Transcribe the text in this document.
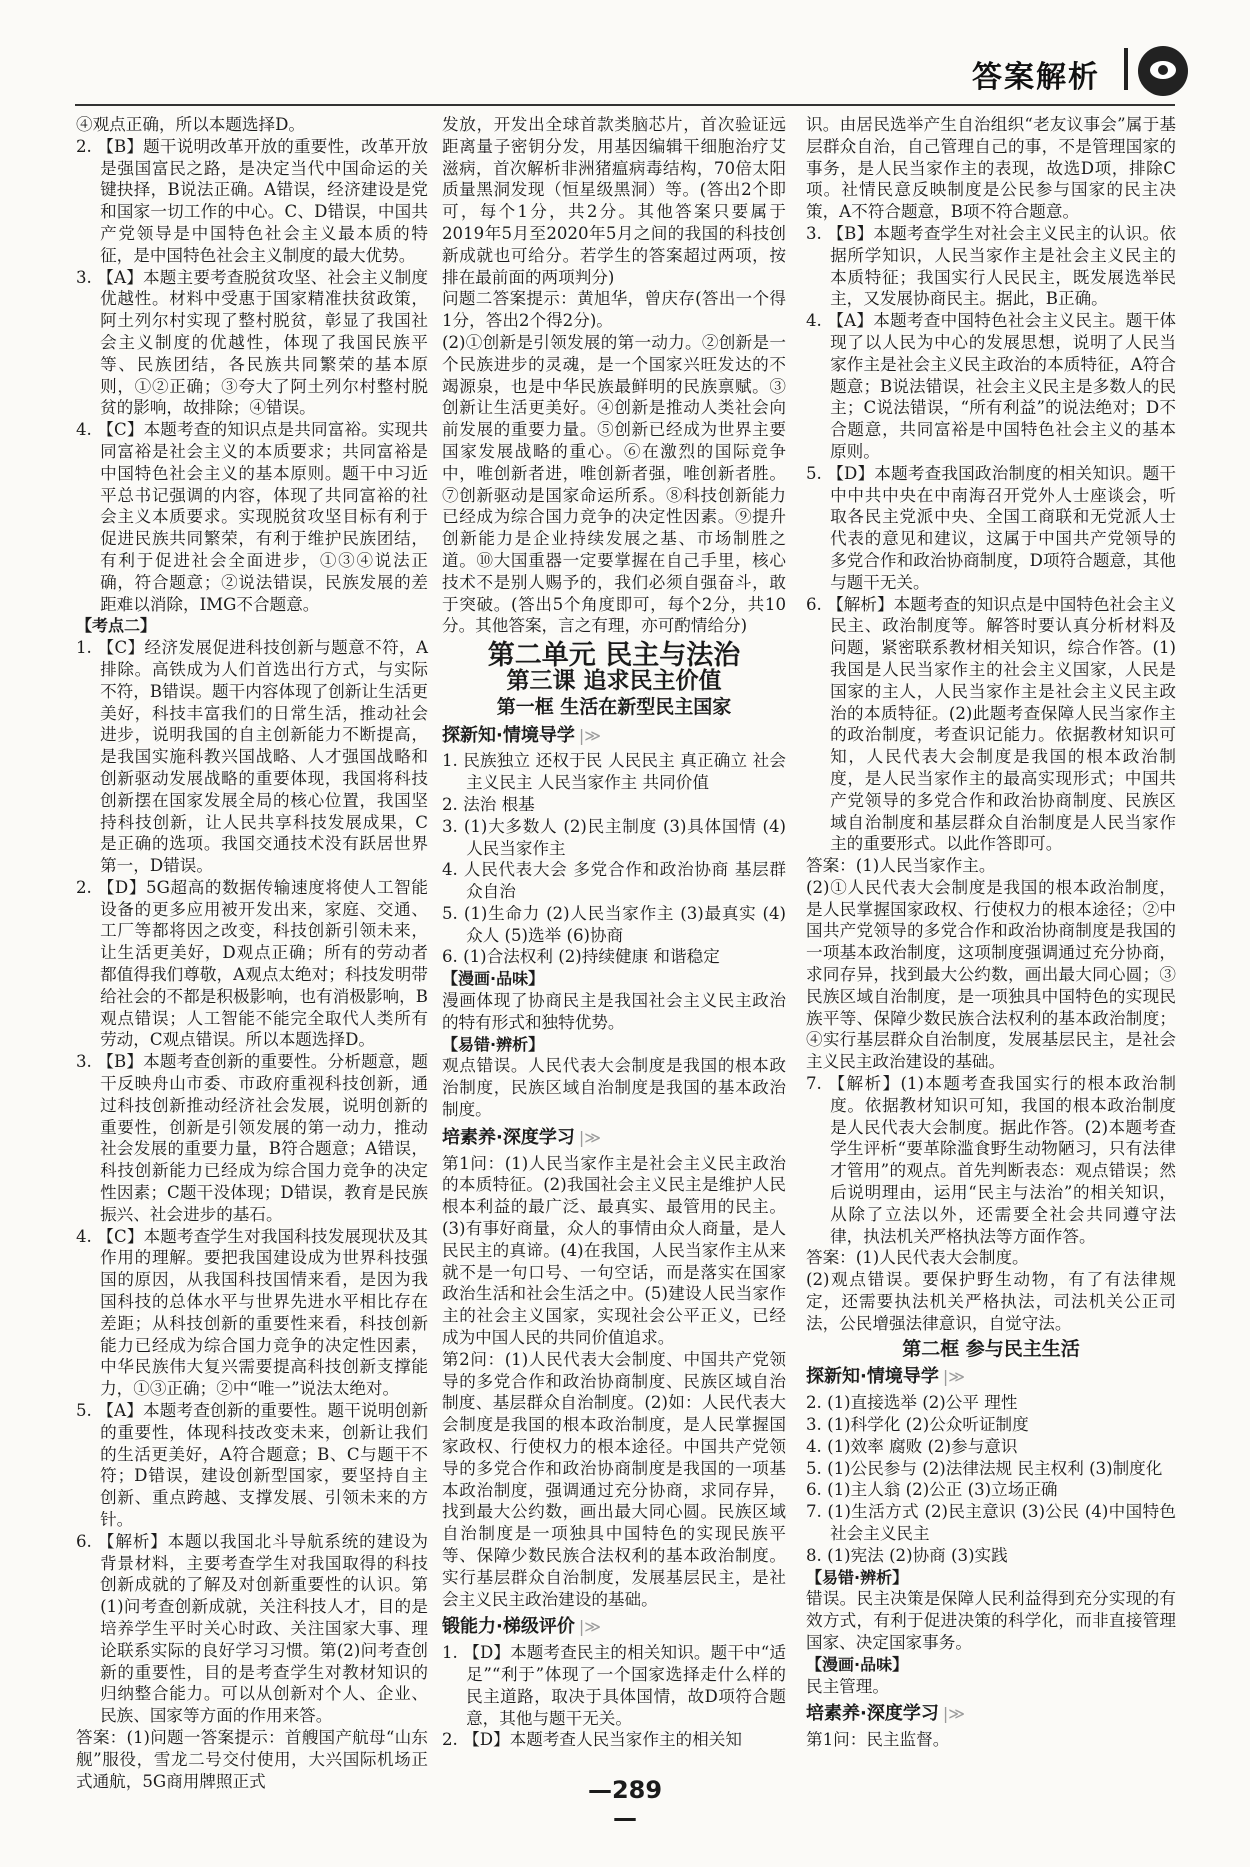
答案解析

④观点正确，所以本题选择D。

2. 【B】题干说明改革开放的重要性，改革开放是强国富民之路，是决定当代中国命运的关键抉择，B说法正确。A错误，经济建设是党和国家一切工作的中心。C、D错误，中国共产党领导是中国特色社会主义最本质的特征，是中国特色社会主义制度的最大优势。

3. 【A】本题主要考查脱贫攻坚、社会主义制度优越性。材料中受惠于国家精准扶贫政策，阿土列尔村实现了整村脱贫，彰显了我国社会主义制度的优越性，体现了我国民族平等、民族团结，各民族共同繁荣的基本原则，①②正确；③夸大了阿土列尔村整村脱贫的影响，故排除；④错误。

4. 【C】本题考查的知识点是共同富裕。实现共同富裕是社会主义的本质要求；共同富裕是中国特色社会主义的基本原则。题干中习近平总书记强调的内容，体现了共同富裕的社会主义本质要求。实现脱贫攻坚目标有利于促进民族共同繁荣，有利于维护民族团结，有利于促进社会全面进步，①③④说法正确，符合题意；②说法错误，民族发展的差距难以消除，IMG不合题意。

【考点二】

1. 【C】经济发展促进科技创新与题意不符，A排除。高铁成为人们首选出行方式，与实际不符，B错误。题干内容体现了创新让生活更美好，科技丰富我们的日常生活，推动社会进步，说明我国的自主创新能力不断提高，是我国实施科教兴国战略、人才强国战略和创新驱动发展战略的重要体现，我国将科技创新摆在国家发展全局的核心位置，我国坚持科技创新，让人民共享科技发展成果，C是正确的选项。我国交通技术没有跃居世界第一，D错误。

2. 【D】5G超高的数据传输速度将使人工智能设备的更多应用被开发出来，家庭、交通、工厂等都将因之改变，科技创新引领未来，让生活更美好，D观点正确；所有的劳动者都值得我们尊敬，A观点太绝对；科技发明带给社会的不都是积极影响，也有消极影响，B观点错误；人工智能不能完全取代人类所有劳动，C观点错误。所以本题选择D。

3. 【B】本题考查创新的重要性。分析题意，题干反映舟山市委、市政府重视科技创新，通过科技创新推动经济社会发展，说明创新的重要性，创新是引领发展的第一动力，推动社会发展的重要力量，B符合题意；A错误，科技创新能力已经成为综合国力竞争的决定性因素；C题干没体现；D错误，教育是民族振兴、社会进步的基石。

4. 【C】本题考查学生对我国科技发展现状及其作用的理解。要把我国建设成为世界科技强国的原因，从我国科技国情来看，是因为我国科技的总体水平与世界先进水平相比存在差距；从科技创新的重要性来看，科技创新能力已经成为综合国力竞争的决定性因素，中华民族伟大复兴需要提高科技创新支撑能力，①③正确；②中“唯一”说法太绝对。

5. 【A】本题考查创新的重要性。题干说明创新的重要性，体现科技改变未来，创新让我们的生活更美好，A符合题意；B、C与题干不符；D错误，建设创新型国家，要坚持自主创新、重点跨越、支撑发展、引领未来的方针。

6. 【解析】本题以我国北斗导航系统的建设为背景材料，主要考查学生对我国取得的科技创新成就的了解及对创新重要性的认识。第(1)问考查创新成就，关注科技人才，目的是培养学生平时关心时政、关注国家大事、理论联系实际的良好学习习惯。第(2)问考查创新的重要性，目的是考查学生对教材知识的归纳整合能力。可以从创新对个人、企业、民族、国家等方面的作用来答。

答案：(1)问题一答案提示：首艘国产航母“山东舰”服役，雪龙二号交付使用，大兴国际机场正式通航，5G商用牌照正式

发放，开发出全球首款类脑芯片，首次验证远距离量子密钥分发，用基因编辑干细胞治疗艾滋病，首次解析非洲猪瘟病毒结构，70倍太阳质量黑洞发现（恒星级黑洞）等。(答出2个即可，每个1分，共2分。其他答案只要属于2019年5月至2020年5月之间的我国的科技创新成就也可给分。若学生的答案超过两项，按排在最前面的两项判分)

问题二答案提示：黄旭华，曾庆存(答出一个得1分，答出2个得2分)。

(2)①创新是引领发展的第一动力。②创新是一个民族进步的灵魂，是一个国家兴旺发达的不竭源泉，也是中华民族最鲜明的民族禀赋。③创新让生活更美好。④创新是推动人类社会向前发展的重要力量。⑤创新已经成为世界主要国家发展战略的重心。⑥在激烈的国际竞争中，唯创新者进，唯创新者强，唯创新者胜。⑦创新驱动是国家命运所系。⑧科技创新能力已经成为综合国力竞争的决定性因素。⑨提升创新能力是企业持续发展之基、市场制胜之道。⑩大国重器一定要掌握在自己手里，核心技术不是别人赐予的，我们必须自强奋斗，敢于突破。(答出5个角度即可，每个2分，共10分。其他答案，言之有理，亦可酌情给分)

第二单元 民主与法治
第三课 追求民主价值
第一框 生活在新型民主国家
探新知·情境导学 |≫

1. 民族独立 还权于民 人民民主 真正确立 社会主义民主 人民当家作主 共同价值

2. 法治 根基

3. (1)大多数人 (2)民主制度 (3)具体国情 (4)人民当家作主

4. 人民代表大会 多党合作和政治协商 基层群众自治

5. (1)生命力 (2)人民当家作主 (3)最真实 (4)众人 (5)选举 (6)协商

6. (1)合法权利 (2)持续健康 和谐稳定

【漫画·品味】

漫画体现了协商民主是我国社会主义民主政治的特有形式和独特优势。

【易错·辨析】

观点错误。人民代表大会制度是我国的根本政治制度，民族区域自治制度是我国的基本政治制度。

培素养·深度学习 |≫

第1问：(1)人民当家作主是社会主义民主政治的本质特征。(2)我国社会主义民主是维护人民根本利益的最广泛、最真实、最管用的民主。(3)有事好商量，众人的事情由众人商量，是人民民主的真谛。(4)在我国，人民当家作主从来就不是一句口号、一句空话，而是落实在国家政治生活和社会生活之中。(5)建设人民当家作主的社会主义国家，实现社会公平正义，已经成为中国人民的共同价值追求。

第2问：(1)人民代表大会制度、中国共产党领导的多党合作和政治协商制度、民族区域自治制度、基层群众自治制度。(2)如：人民代表大会制度是我国的根本政治制度，是人民掌握国家政权、行使权力的根本途径。中国共产党领导的多党合作和政治协商制度是我国的一项基本政治制度，强调通过充分协商，求同存异，找到最大公约数，画出最大同心圆。民族区域自治制度是一项独具中国特色的实现民族平等、保障少数民族合法权利的基本政治制度。实行基层群众自治制度，发展基层民主，是社会主义民主政治建设的基础。

锻能力·梯级评价 |≫

1. 【D】本题考查民主的相关知识。题干中“适足”“利于”体现了一个国家选择走什么样的民主道路，取决于具体国情，故D项符合题意，其他与题干无关。

2. 【D】本题考查人民当家作主的相关知

识。由居民选举产生自治组织“老友议事会”属于基层群众自治，自己管理自己的事，不是管理国家的事务，是人民当家作主的表现，故选D项，排除C项。社情民意反映制度是公民参与国家的民主决策，A不符合题意，B项不符合题意。

3. 【B】本题考查学生对社会主义民主的认识。依据所学知识，人民当家作主是社会主义民主的本质特征；我国实行人民民主，既发展选举民主，又发展协商民主。据此，B正确。

4. 【A】本题考查中国特色社会主义民主。题干体现了以人民为中心的发展思想，说明了人民当家作主是社会主义民主政治的本质特征，A符合题意；B说法错误，社会主义民主是多数人的民主；C说法错误，“所有利益”的说法绝对；D不合题意，共同富裕是中国特色社会主义的基本原则。

5. 【D】本题考查我国政治制度的相关知识。题干中中共中央在中南海召开党外人士座谈会，听取各民主党派中央、全国工商联和无党派人士代表的意见和建议，这属于中国共产党领导的多党合作和政治协商制度，D项符合题意，其他与题干无关。

6. 【解析】本题考查的知识点是中国特色社会主义民主、政治制度等。解答时要认真分析材料及问题，紧密联系教材相关知识，综合作答。(1)我国是人民当家作主的社会主义国家，人民是国家的主人，人民当家作主是社会主义民主政治的本质特征。(2)此题考查保障人民当家作主的政治制度，考查识记能力。依据教材知识可知，人民代表大会制度是我国的根本政治制度，是人民当家作主的最高实现形式；中国共产党领导的多党合作和政治协商制度、民族区域自治制度和基层群众自治制度是人民当家作主的重要形式。以此作答即可。

答案：(1)人民当家作主。

(2)①人民代表大会制度是我国的根本政治制度，是人民掌握国家政权、行使权力的根本途径；②中国共产党领导的多党合作和政治协商制度是我国的一项基本政治制度，这项制度强调通过充分协商，求同存异，找到最大公约数，画出最大同心圆；③民族区域自治制度，是一项独具中国特色的实现民族平等、保障少数民族合法权利的基本政治制度；④实行基层群众自治制度，发展基层民主，是社会主义民主政治建设的基础。

7. 【解析】(1)本题考查我国实行的根本政治制度。依据教材知识可知，我国的根本政治制度是人民代表大会制度。据此作答。(2)本题考查学生评析“要革除滥食野生动物陋习，只有法律才管用”的观点。首先判断表态：观点错误；然后说明理由，运用“民主与法治”的相关知识，从除了立法以外，还需要全社会共同遵守法律，执法机关严格执法等方面作答。

答案：(1)人民代表大会制度。

(2)观点错误。要保护野生动物，有了有法律规定，还需要执法机关严格执法，司法机关公正司法，公民增强法律意识，自觉守法。

第二框 参与民主生活
探新知·情境导学 |≫

2. (1)直接选举 (2)公平 理性

3. (1)科学化 (2)公众听证制度

4. (1)效率 腐败 (2)参与意识

5. (1)公民参与 (2)法律法规 民主权利 (3)制度化

6. (1)主人翁 (2)公正 (3)立场正确

7. (1)生活方式 (2)民主意识 (3)公民 (4)中国特色社会主义民主

8. (1)宪法 (2)协商 (3)实践

【易错·辨析】

错误。民主决策是保障人民利益得到充分实现的有效方式，有利于促进决策的科学化，而非直接管理国家、决定国家事务。

【漫画·品味】

民主管理。

培素养·深度学习 |≫

第1问：民主监督。

—289—
